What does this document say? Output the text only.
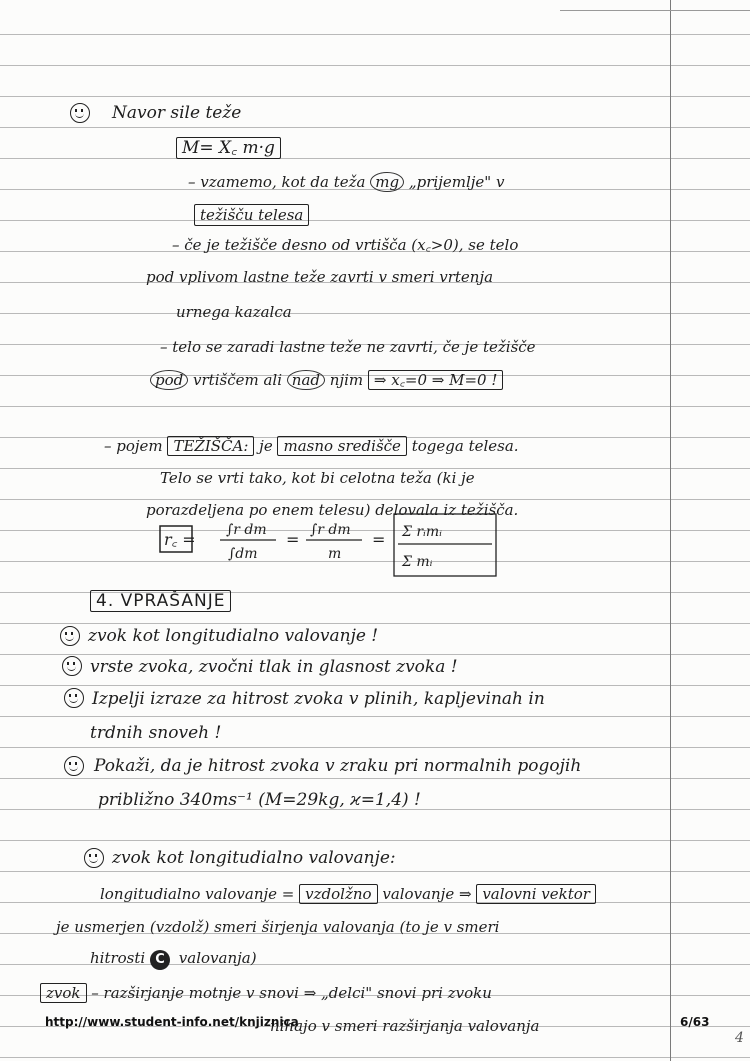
Navor sile teže
M= X꜀ m·g
– vzamemo, kot da teža mg „prijemlje" v
težišču telesa
– če je težišče desno od vrtišča (x꜀>0), se telo
pod vplivom lastne teže zavrti v smeri vrtenja
urnega kazalca
– telo se zaradi lastne teže ne zavrti, če je težišče
pod vrtiščem ali nad njim ⇒ x꜀=0 ⇒ M=0 !
– pojem TEŽIŠČA: je masno središče togega telesa.
Telo se vrti tako, kot bi celotna teža (ki je
porazdeljena po enem telesu) delovala iz težišča.
r꜀ = ∫r dm
∫dm
= ∫r dm
m
= Σ rᵢmᵢ
Σ mᵢ
4. VPRAŠANJE
zvok kot longitudialno valovanje !
vrste zvoka, zvočni tlak in glasnost zvoka !
Izpelji izraze za hitrost zvoka v plinih, kapljevinah in
trdnih snoveh !
Pokaži, da je hitrost zvoka v zraku pri normalnih pogojih
približno 340ms⁻¹ (M=29kg, ϰ=1,4) !
zvok kot longitudialno valovanje:
longitudialno valovanje = vzdolžno valovanje ⇒ valovni vektor
je usmerjen (vzdolž) smeri širjenja valovanja (to je v smeri
hitrosti C valovanja)
zvok – razširjanje motnje v snovi ⇒ „delci" snovi pri zvoku
nihajo v smeri razširjanja valovanja
http://www.student-info.net/knjiznica	6/63
4
